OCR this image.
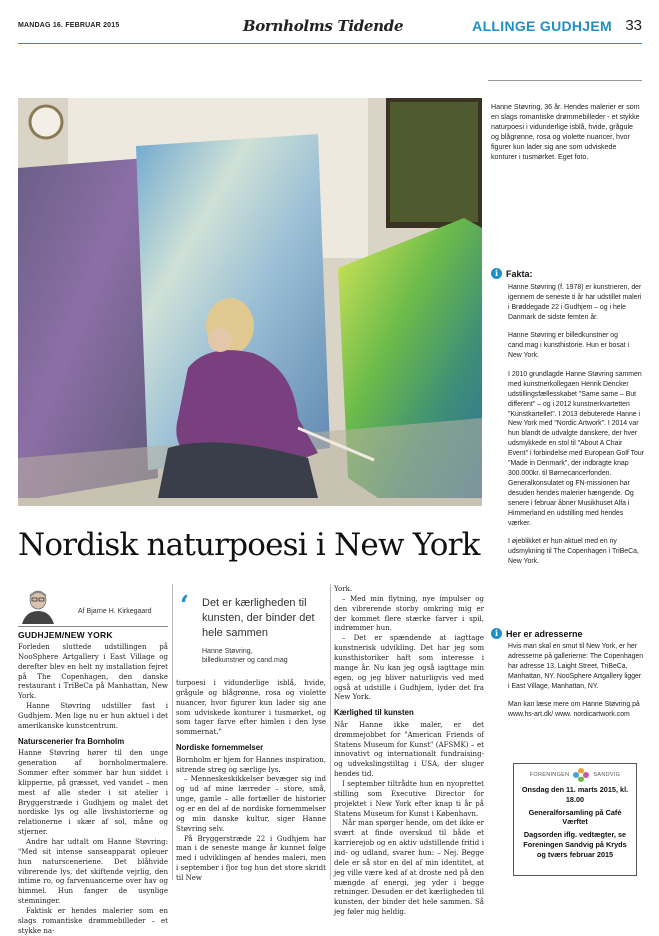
MANDAG 16. FEBRUAR 2015	Bornholms Tidende	ALLINGE GUDHJEM 33
Hanne Støvring, 36 år. Hendes malerier er som en slags romantiske drømmebilleder - et stykke naturpoesi i vidunderlige isblå, hvide, grågule og blågrønne, rosa og violette nuancer, hvor figurer kun lader sig ane som udviskede konturer i tusmørket. Eget foto.
i Fakta:

Hanne Støvring (f. 1978) er kunstneren, der igennem de seneste ti år har udstillet maleri i Brøddegade 22 i Gudhjem – og i hele Danmark de sidste femten år.

Hanne Støvring er billedkunstner og cand.mag i kunsthistorie. Hun er bosat i New York.

I 2010 grundlagde Hanne Støvring sammen med kunstnerkollegaen Henrik Dencker udstillingsfællesskabet "Same same – But different" – og i 2012 kunstnerkvartetten "Kunstkartellet". I 2013 debuterede Hanne i New York med "Nordic Artwork". I 2014 var hun blandt de udvalgte danskere, der hver udsmykkede en stol til "About A Chair Event" i forbindelse med European Golf Tour "Made in Denmark", der indbragte knap 300.000kr. til Børnecancerfonden. Generalkonsulatet og FN-missionen har desuden hendes malerier hængende. Og senere i februar åbner Musikhuset Alfa i Himmerland en udstilling med hendes værker.

I øjeblikket er hun aktuel med en ny udsmykning til The Copenhagen i TriBeCa, New York.

i Her er adresserne

Hvis man skal en smut til New York, er her adresserne på gallerierne: The Copenhagen har adresse 13, Laight Street, TriBeCa, Manhattan, NY. NooSphere Artgallery ligger i East Village, Manhattan, NY.

Man kan læse mere om Hanne Støvring på www.hs-art.dk/ www. nordicartwork.com

Nordisk naturpoesi i New York
Af Bjarne H. Kirkegaard
GUDHJEM/NEW YORK

Forleden sluttede udstillingen på NooSphere Artgallery i East Village og derefter blev en helt ny installation fejret på The Copenhagen, den danske restaurant i TriBeCa på Manhattan, New York.

Hanne Støvring udstiller fast i Gudhjem. Men lige nu er hun aktuel i det amerikanske kunstcentrum.

Naturscenerier fra Bornholm

Hanne Støvring hører til den unge generation af bornholmermalere. Sommer efter sommer har hun siddet i klipperne, på græsset, ved vandet – men mest af alle steder i sit atelier i Bryggerstræde i Gudhjem og malet det nordiske lys og alle livshistorierne og relationerne i skær af sol, måne og stjerner.

Andre har udtalt om Hanne Støvring: "Med sit intense sanseapparat opleuer hun natursceneriene. Det blåhvide vibrerende lys, det skiftende vejrlig, den intime ro, og farvenuancerne over hav og himmel. Hun fanger de usynlige stemninger.

Faktisk er hendes malerier som en slags romantiske drømmebilleder – et stykke na-

‘ Det er kærligheden til kunsten, der binder det hele sammen
Hanne Støvring,
billedkunstner og cand.mag

turpoesi i vidunderlige isblå, hvide, grågule og blågrønne, rosa og violette nuancer, hvor figurer kun lader sig ane som udviskede konturer i tusmørket, og som tager farve efter himlen i den lyse sommernat."

Nordiske fornemmelser

Bornholm er hjem for Hannes inspiration, sitrende streg og særlige lys.

– Menneskeskikkelser bevæger sig ind og ud af mine lærreder – store, små, unge, gamle – alle fortæller de historier og er en del af de nordiske fornemmelser og min danske kultur, siger Hanne Støvring selv.

På Bryggerstræde 22 i Gudhjem har man i de seneste mange år kunnet følge med i udviklingen af hendes maleri, men i september i fjor tog hun det store skridt til New

York.

– Med min flytning, nye impulser og den vibrerende storby omkring mig er der kommet flere stærke farver i spil, indrømmer hun.

– Det er spændende at iagttage kunstnerisk udvikling. Det har jeg som kunsthistoriker haft som interesse i mange år. Nu kan jeg også iagttage min egen, og jeg bliver naturligvis ved med også at udstille i Gudhjem, lyder det fra New York.

Kærlighed til kunsten

Når Hanne ikke maler, er det drømmejobbet for "American Friends of Statens Museum for Kunst" (AFSMK) – et innovativt og internationalt fundraising- og udvekslingstiltag i USA, der sluger hendes tid.

I september tiltrådte hun en nyoprettet stilling som Executive Director for projektet i New York efter knap ti år på Statens Museum for Kunst i København.

Når man spørger hende, om det ikke er svært at finde overskud til både et karrierejob og en aktiv udstillende fritid i ind- og udland, svarer hun: – Nej. Begge dele er så stor en del af min identitet, at jeg ville være ked af at droste ned på den mængde af energi, jeg yder i begge retninger. Desuden er det kærligheden til kunsten, der binder det hele sammen. Så jeg føler mig heldig.

FORENINGEN	SANDVIG

Onsdag den 11. marts 2015, kl. 18.00

Generalforsamling på Café Værftet

Dagsorden iflg. vedtægter, se Foreningen Sandvig på Kryds og tværs februar 2015
